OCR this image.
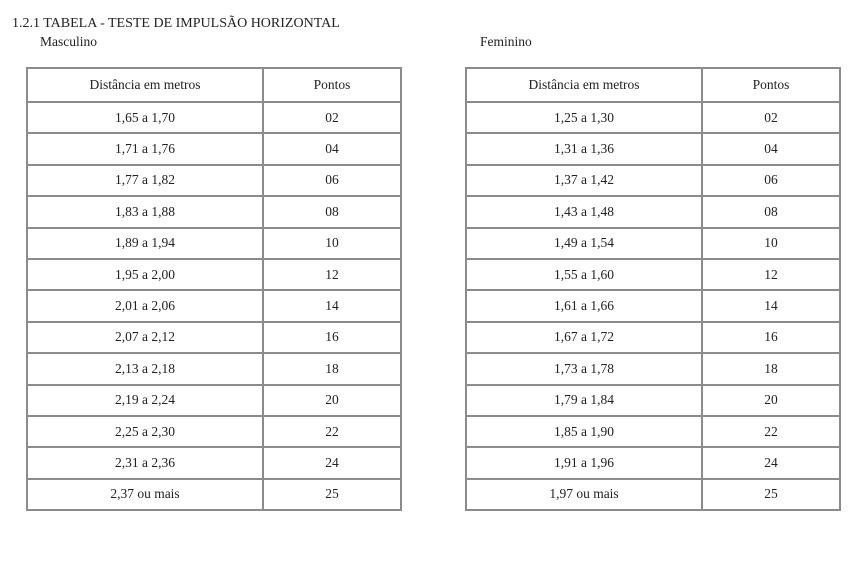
1.2.1 TABELA - TESTE DE IMPULSÃO HORIZONTAL
Masculino	Feminino
Distância em metros	Pontos
1,65 a 1,70	02
1,71 a 1,76	04
1,77 a 1,82	06
1,83 a 1,88	08
1,89 a 1,94	10
1,95 a 2,00	12
2,01 a 2,06	14
2,07 a 2,12	16
2,13 a 2,18	18
2,19 a 2,24	20
2,25 a 2,30	22
2,31 a 2,36	24
2,37 ou mais	25
Distância em metros	Pontos
1,25 a 1,30	02
1,31 a 1,36	04
1,37 a 1,42	06
1,43 a 1,48	08
1,49 a 1,54	10
1,55 a 1,60	12
1,61 a 1,66	14
1,67 a 1,72	16
1,73 a 1,78	18
1,79 a 1,84	20
1,85 a 1,90	22
1,91 a 1,96	24
1,97 ou mais	25
